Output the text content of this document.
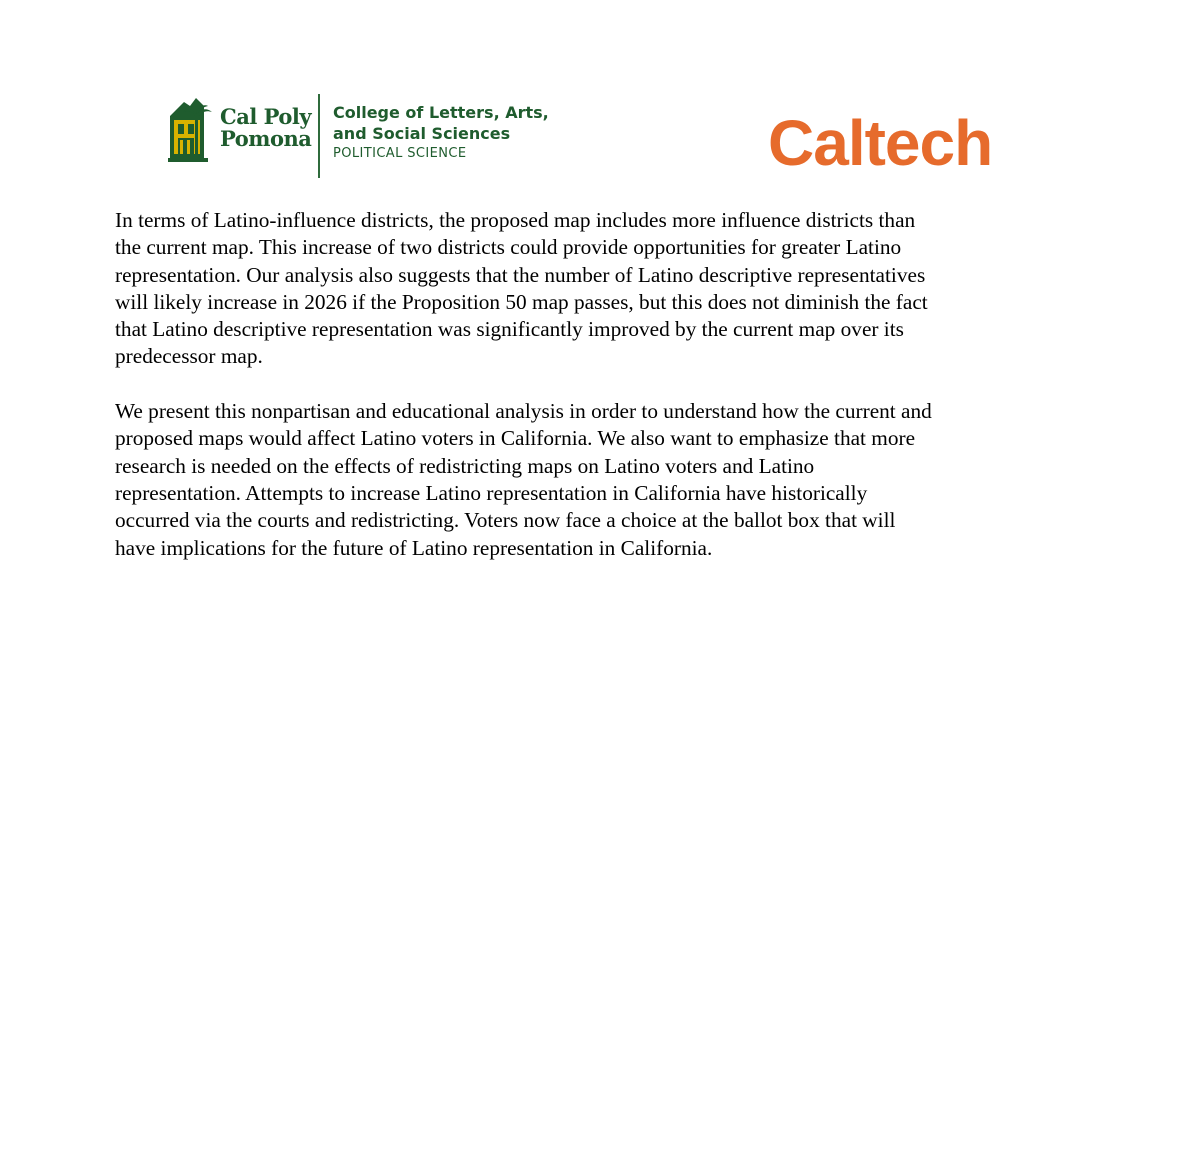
Cal Poly
Pomona
College of Letters, Arts,
and Social Sciences
POLITICAL SCIENCE	Caltech

In terms of Latino-influence districts, the proposed map includes more influence districts than
the current map. This increase of two districts could provide opportunities for greater Latino
representation. Our analysis also suggests that the number of Latino descriptive representatives
will likely increase in 2026 if the Proposition 50 map passes, but this does not diminish the fact
that Latino descriptive representation was significantly improved by the current map over its
predecessor map.

We present this nonpartisan and educational analysis in order to understand how the current and
proposed maps would affect Latino voters in California. We also want to emphasize that more
research is needed on the effects of redistricting maps on Latino voters and Latino
representation. Attempts to increase Latino representation in California have historically
occurred via the courts and redistricting. Voters now face a choice at the ballot box that will
have implications for the future of Latino representation in California.
